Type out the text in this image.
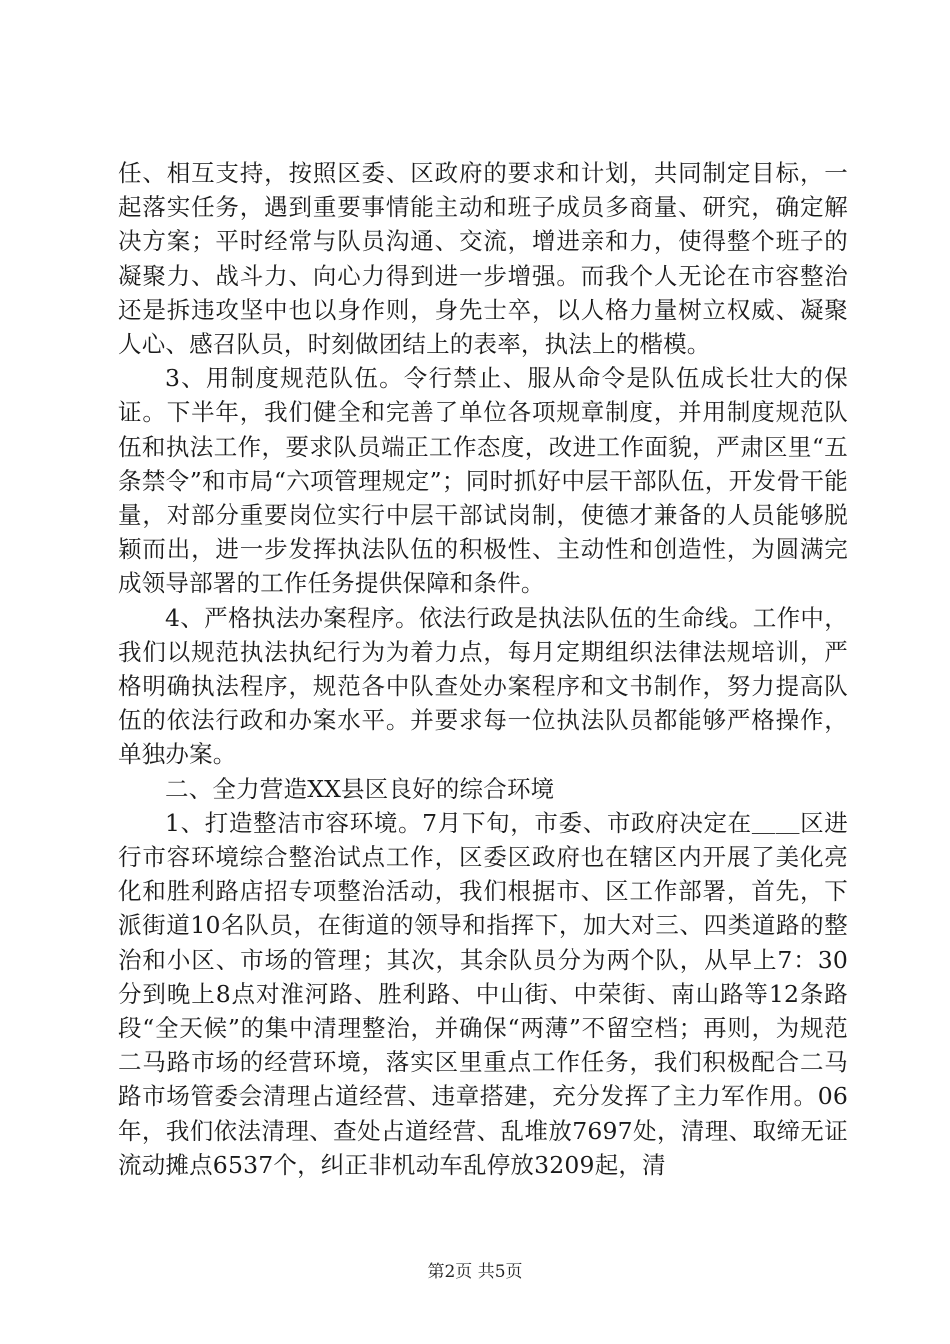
任、相互支持，按照区委、区政府的要求和计划，共同制定目标，一起落实任务，遇到重要事情能主动和班子成员多商量、研究，确定解决方案；平时经常与队员沟通、交流，增进亲和力，使得整个班子的凝聚力、战斗力、向心力得到进一步增强。而我个人无论在市容整治还是拆违攻坚中也以身作则，身先士卒，以人格力量树立权威、凝聚人心、感召队员，时刻做团结上的表率，执法上的楷模。

3、用制度规范队伍。令行禁止、服从命令是队伍成长壮大的保证。下半年，我们健全和完善了单位各项规章制度，并用制度规范队伍和执法工作，要求队员端正工作态度，改进工作面貌，严肃区里“五条禁令”和市局“六项管理规定”；同时抓好中层干部队伍，开发骨干能量，对部分重要岗位实行中层干部试岗制，使德才兼备的人员能够脱颖而出，进一步发挥执法队伍的积极性、主动性和创造性，为圆满完成领导部署的工作任务提供保障和条件。

4、严格执法办案程序。依法行政是执法队伍的生命线。工作中，我们以规范执法执纪行为为着力点，每月定期组织法律法规培训，严格明确执法程序，规范各中队查处办案程序和文书制作，努力提高队伍的依法行政和办案水平。并要求每一位执法队员都能够严格操作，单独办案。

二、全力营造XX县区良好的综合环境

1、打造整洁市容环境。7月下旬，市委、市政府决定在＿＿区进行市容环境综合整治试点工作，区委区政府也在辖区内开展了美化亮化和胜利路店招专项整治活动，我们根据市、区工作部署，首先，下派街道10名队员，在街道的领导和指挥下，加大对三、四类道路的整治和小区、市场的管理；其次，其余队员分为两个队，从早上7：30分到晚上8点对淮河路、胜利路、中山街、中荣街、南山路等12条路段“全天候”的集中清理整治，并确保“两薄”不留空档；再则，为规范二马路市场的经营环境，落实区里重点工作任务，我们积极配合二马路市场管委会清理占道经营、违章搭建，充分发挥了主力军作用。06年，我们依法清理、查处占道经营、乱堆放7697处，清理、取缔无证流动摊点6537个，纠正非机动车乱停放3209起，清

第2页 共5页
